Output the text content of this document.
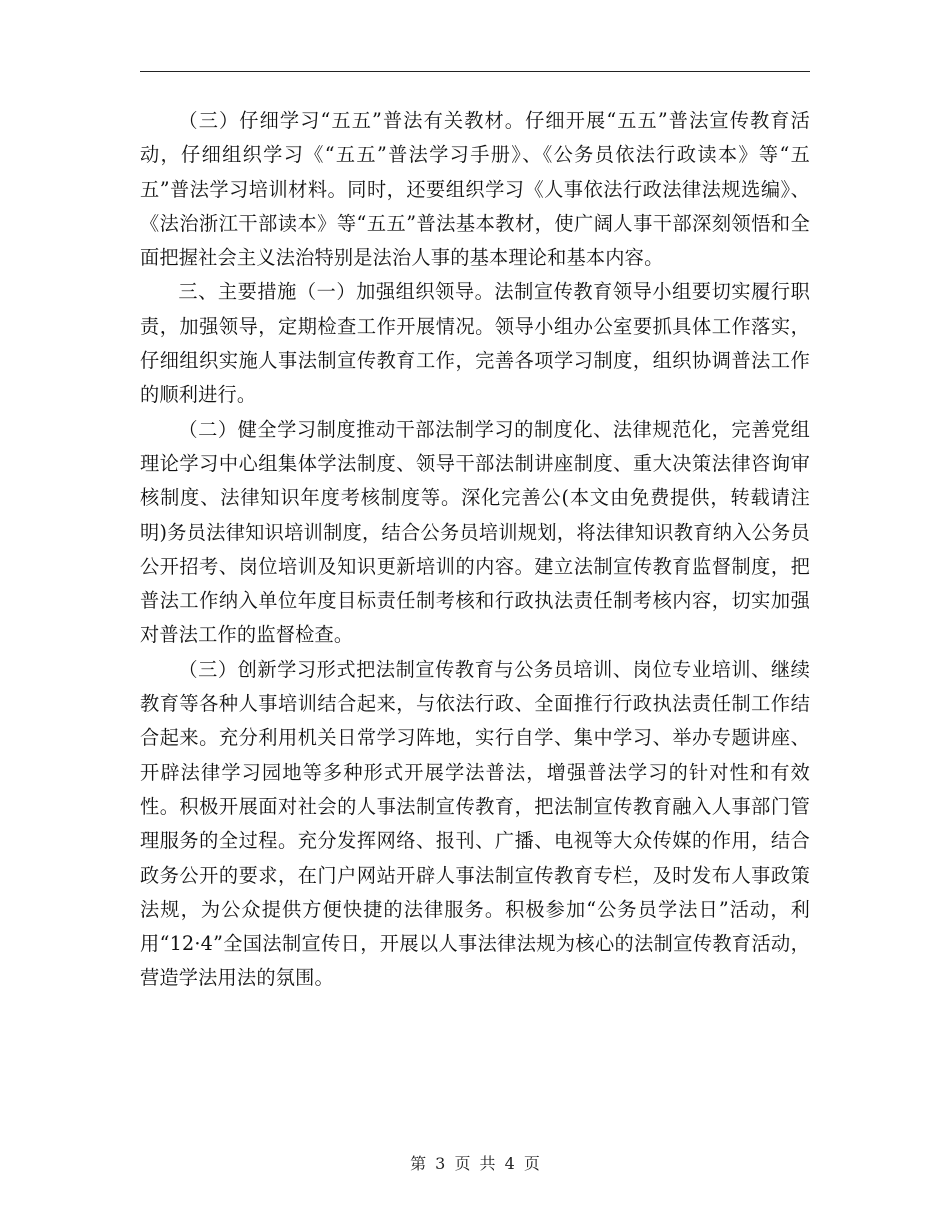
（三）仔细学习“五五”普法有关教材。仔细开展“五五”普法宣传教育活动，仔细组织学习《“五五”普法学习手册》、《公务员依法行政读本》等“五五”普法学习培训材料。同时，还要组织学习《人事依法行政法律法规选编》、《法治浙江干部读本》等“五五”普法基本教材，使广阔人事干部深刻领悟和全面把握社会主义法治特别是法治人事的基本理论和基本内容。

三、主要措施（一）加强组织领导。法制宣传教育领导小组要切实履行职责，加强领导，定期检查工作开展情况。领导小组办公室要抓具体工作落实，仔细组织实施人事法制宣传教育工作，完善各项学习制度，组织协调普法工作的顺利进行。

（二）健全学习制度推动干部法制学习的制度化、法律规范化，完善党组理论学习中心组集体学法制度、领导干部法制讲座制度、重大决策法律咨询审核制度、法律知识年度考核制度等。深化完善公(本文由免费提供，转载请注明)务员法律知识培训制度，结合公务员培训规划，将法律知识教育纳入公务员公开招考、岗位培训及知识更新培训的内容。建立法制宣传教育监督制度，把普法工作纳入单位年度目标责任制考核和行政执法责任制考核内容，切实加强对普法工作的监督检查。

（三）创新学习形式把法制宣传教育与公务员培训、岗位专业培训、继续教育等各种人事培训结合起来，与依法行政、全面推行行政执法责任制工作结合起来。充分利用机关日常学习阵地，实行自学、集中学习、举办专题讲座、开辟法律学习园地等多种形式开展学法普法，增强普法学习的针对性和有效性。积极开展面对社会的人事法制宣传教育，把法制宣传教育融入人事部门管理服务的全过程。充分发挥网络、报刊、广播、电视等大众传媒的作用，结合政务公开的要求，在门户网站开辟人事法制宣传教育专栏，及时发布人事政策法规，为公众提供方便快捷的法律服务。积极参加“公务员学法日”活动，利用“12·4”全国法制宣传日，开展以人事法律法规为核心的法制宣传教育活动，营造学法用法的氛围。

第 3 页 共 4 页
